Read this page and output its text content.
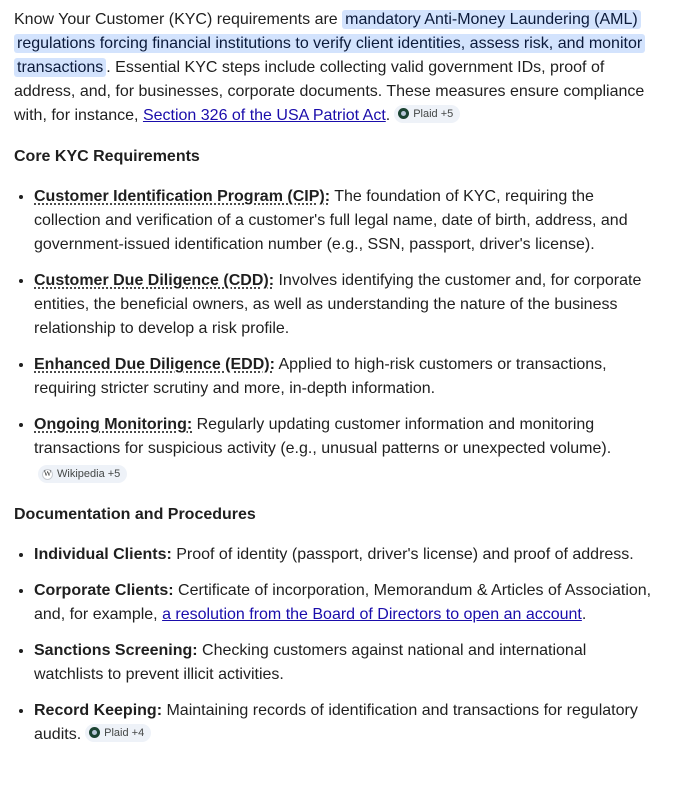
Know Your Customer (KYC) requirements are mandatory Anti-Money Laundering (AML) regulations forcing financial institutions to verify client identities, assess risk, and monitor transactions . Essential KYC steps include collecting valid government IDs, proof of address, and, for businesses, corporate documents. These measures ensure compliance with, for instance, Section 326 of the USA Patriot Act. Plaid +5

Core KYC Requirements
• Customer Identification Program (CIP): The foundation of KYC, requiring the collection and verification of a customer's full legal name, date of birth, address, and government-issued identification number (e.g., SSN, passport, driver's license).
• Customer Due Diligence (CDD): Involves identifying the customer and, for corporate entities, the beneficial owners, as well as understanding the nature of the business relationship to develop a risk profile.
• Enhanced Due Diligence (EDD): Applied to high-risk customers or transactions, requiring stricter scrutiny and more, in-depth information.
• Ongoing Monitoring: Regularly updating customer information and monitoring transactions for suspicious activity (e.g., unusual patterns or unexpected volume).
W Wikipedia +5
Documentation and Procedures
• Individual Clients: Proof of identity (passport, driver's license) and proof of address.
• Corporate Clients: Certificate of incorporation, Memorandum & Articles of Association, and, for example, a resolution from the Board of Directors to open an account.
• Sanctions Screening: Checking customers against national and international watchlists to prevent illicit activities.
• Record Keeping: Maintaining records of identification and transactions for regulatory audits. Plaid +4
